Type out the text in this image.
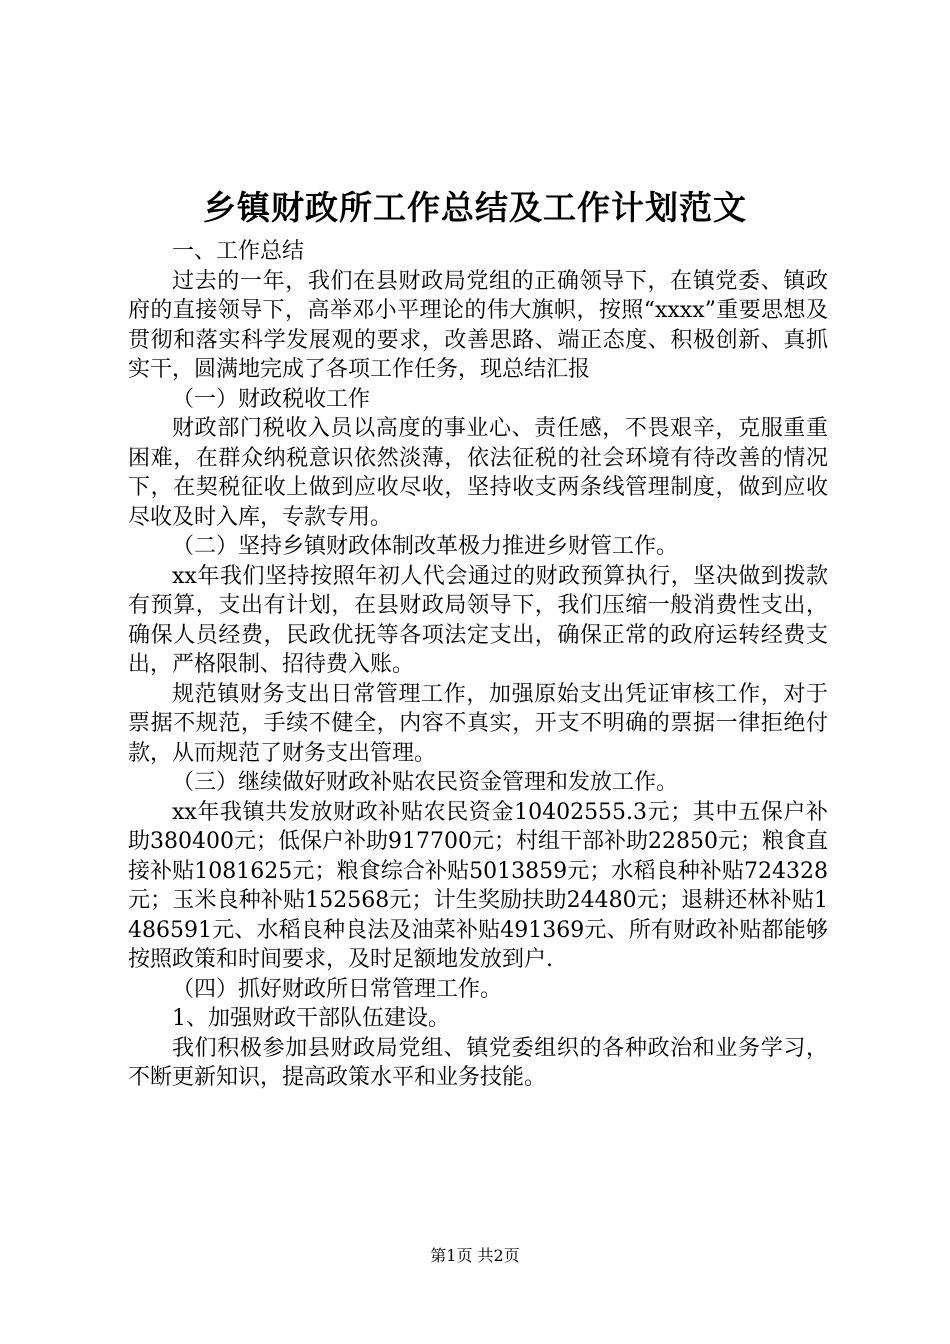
乡镇财政所工作总结及工作计划范文

一、工作总结

过去的一年，我们在县财政局党组的正确领导下，在镇党委、镇政府的直接领导下，高举邓小平理论的伟大旗帜，按照“xxxx”重要思想及贯彻和落实科学发展观的要求，改善思路、端正态度、积极创新、真抓实干，圆满地完成了各项工作任务，现总结汇报

（一）财政税收工作

财政部门税收入员以高度的事业心、责任感，不畏艰辛，克服重重困难，在群众纳税意识依然淡薄，依法征税的社会环境有待改善的情况下，在契税征收上做到应收尽收，坚持收支两条线管理制度，做到应收尽收及时入库，专款专用。

（二）坚持乡镇财政体制改革极力推进乡财管工作。

xx年我们坚持按照年初人代会通过的财政预算执行，坚决做到拨款有预算，支出有计划，在县财政局领导下，我们压缩一般消费性支出，确保人员经费，民政优抚等各项法定支出，确保正常的政府运转经费支出，严格限制、招待费入账。

规范镇财务支出日常管理工作，加强原始支出凭证审核工作，对于票据不规范，手续不健全，内容不真实，开支不明确的票据一律拒绝付款，从而规范了财务支出管理。

（三）继续做好财政补贴农民资金管理和发放工作。

xx年我镇共发放财政补贴农民资金10402555.3元；其中五保户补助380400元；低保户补助917700元；村组干部补助22850元；粮食直接补贴1081625元；粮食综合补贴5013859元；水稻良种补贴724328元；玉米良种补贴152568元；计生奖励扶助24480元；退耕还林补贴1486591元、水稻良种良法及油菜补贴491369元、所有财政补贴都能够按照政策和时间要求，及时足额地发放到户.

（四）抓好财政所日常管理工作。

1、加强财政干部队伍建设。

我们积极参加县财政局党组、镇党委组织的各种政治和业务学习，不断更新知识，提高政策水平和业务技能。

第1页 共2页
